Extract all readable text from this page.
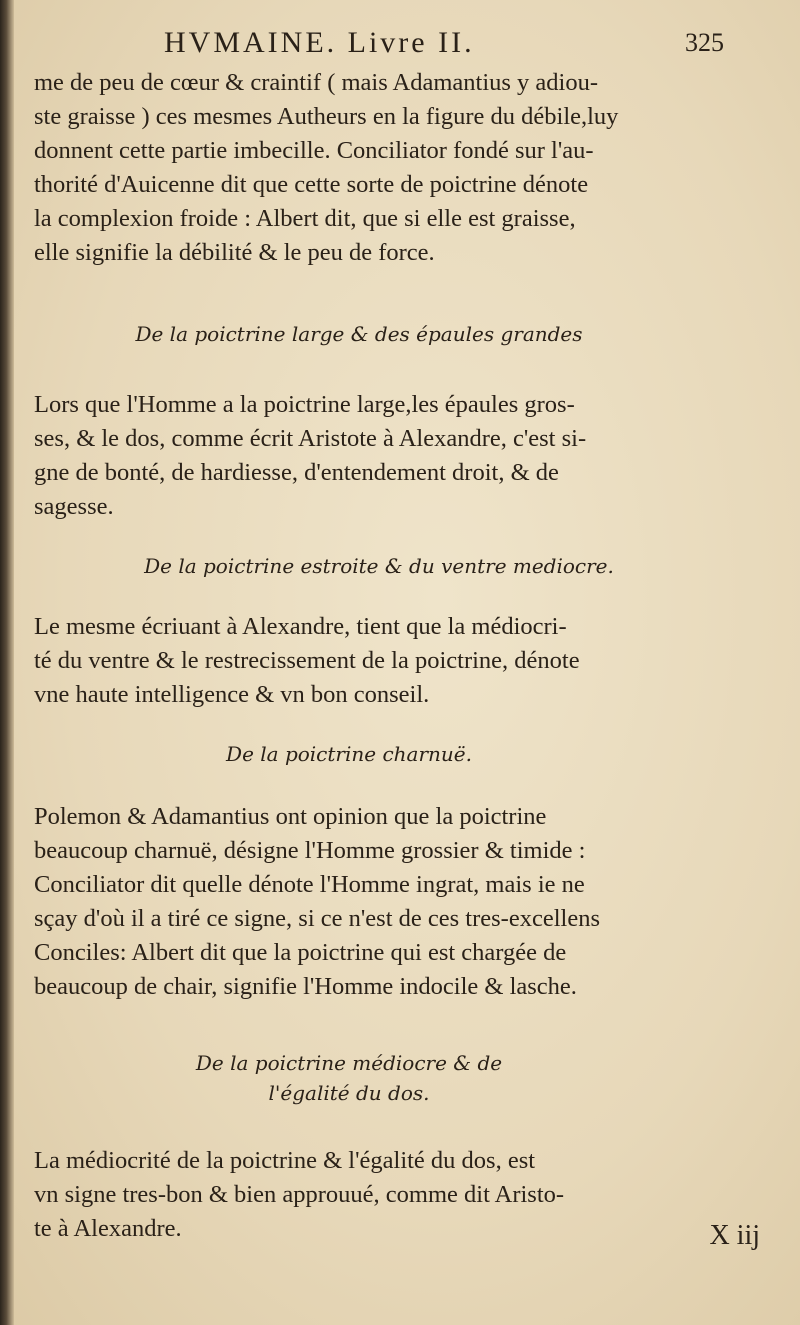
HVMAINE. Livre II.	325

me de peu de cœur & craintif ( mais Adamantius y adiou-
ste graisse ) ces mesmes Autheurs en la figure du débile,luy
donnent cette partie imbecille. Conciliator fondé sur l'au-
thorité d'Auicenne dit que cette sorte de poictrine dénote
la complexion froide : Albert dit, que si elle est graisse,
elle signifie la débilité & le peu de force.

De la poictrine large & des épaules grandes

Lors que l'Homme a la poictrine large,les épaules gros-
ses, & le dos, comme écrit Aristote à Alexandre, c'est si-
gne de bonté, de hardiesse, d'entendement droit, & de
sagesse.

De la poictrine estroite & du ventre mediocre.

Le mesme écriuant à Alexandre, tient que la médiocri-
té du ventre & le restrecissement de la poictrine, dénote
vne haute intelligence & vn bon conseil.

De la poictrine charnuë.

Polemon & Adamantius ont opinion que la poictrine
beaucoup charnuë, désigne l'Homme grossier & timide :
Conciliator dit quelle dénote l'Homme ingrat, mais ie ne
sçay d'où il a tiré ce signe, si ce n'est de ces tres-excellens
Conciles: Albert dit que la poictrine qui est chargée de
beaucoup de chair, signifie l'Homme indocile & lasche.

De la poictrine médiocre & de
l'égalité du dos.

La médiocrité de la poictrine & l'égalité du dos, est
vn signe tres-bon & bien approuué, comme dit Aristo-
te à Alexandre.	X iij
